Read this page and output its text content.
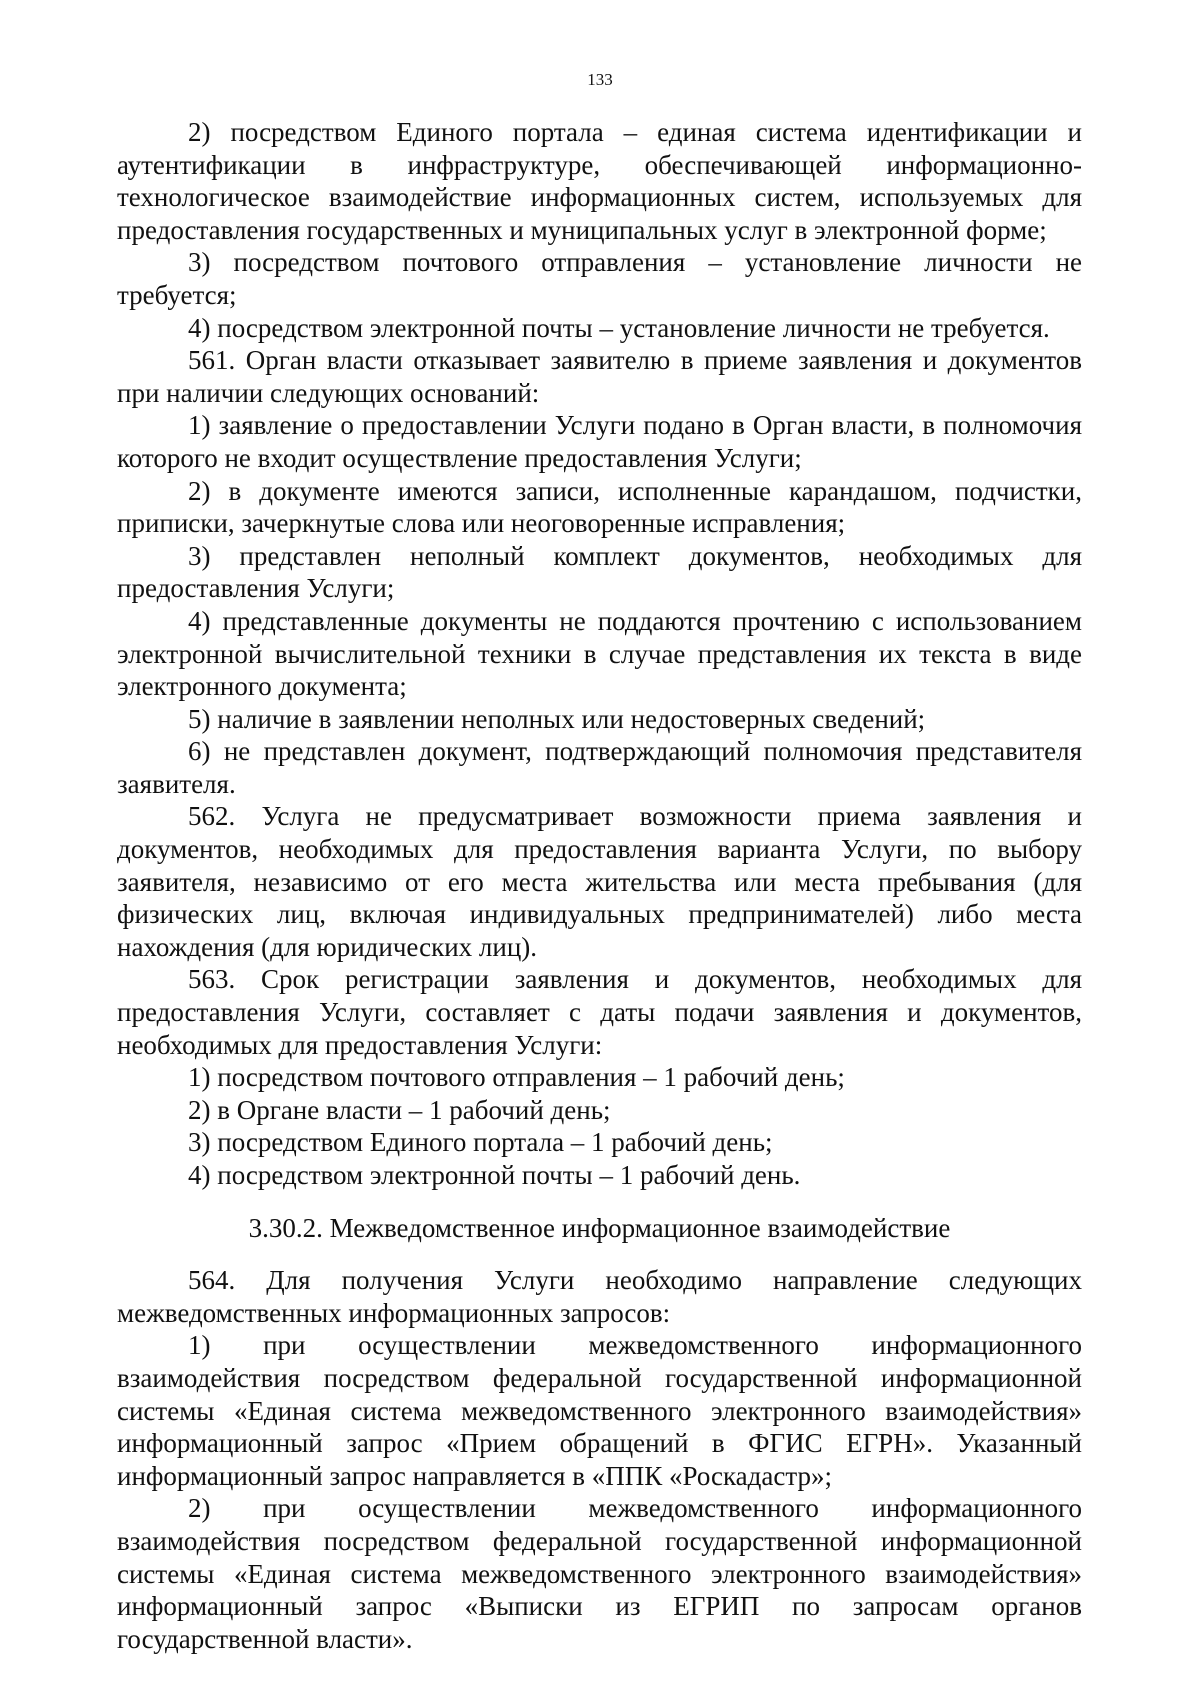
133

2) посредством Единого портала – единая система идентификации и аутентификации в инфраструктуре, обеспечивающей информационно-технологическое взаимодействие информационных систем, используемых для предоставления государственных и муниципальных услуг в электронной форме;

3) посредством почтового отправления – установление личности не требуется;

4) посредством электронной почты – установление личности не требуется.

561. Орган власти отказывает заявителю в приеме заявления и документов при наличии следующих оснований:

1) заявление о предоставлении Услуги подано в Орган власти, в полномочия которого не входит осуществление предоставления Услуги;

2) в документе имеются записи, исполненные карандашом, подчистки, приписки, зачеркнутые слова или неоговоренные исправления;

3) представлен неполный комплект документов, необходимых для предоставления Услуги;

4) представленные документы не поддаются прочтению с использованием электронной вычислительной техники в случае представления их текста в виде электронного документа;

5) наличие в заявлении неполных или недостоверных сведений;

6) не представлен документ, подтверждающий полномочия представителя заявителя.

562. Услуга не предусматривает возможности приема заявления и документов, необходимых для предоставления варианта Услуги, по выбору заявителя, независимо от его места жительства или места пребывания (для физических лиц, включая индивидуальных предпринимателей) либо места нахождения (для юридических лиц).

563. Срок регистрации заявления и документов, необходимых для предоставления Услуги, составляет с даты подачи заявления и документов, необходимых для предоставления Услуги:

1) посредством почтового отправления – 1 рабочий день;

2) в Органе власти – 1 рабочий день;

3) посредством Единого портала – 1 рабочий день;

4) посредством электронной почты – 1 рабочий день.

3.30.2. Межведомственное информационное взаимодействие

564. Для получения Услуги необходимо направление следующих межведомственных информационных запросов:

1) при осуществлении межведомственного информационного взаимодействия посредством федеральной государственной информационной системы «Единая система межведомственного электронного взаимодействия» информационный запрос «Прием обращений в ФГИС ЕГРН». Указанный информационный запрос направляется в «ППК «Роскадастр»;

2) при осуществлении межведомственного информационного взаимодействия посредством федеральной государственной информационной системы «Единая система межведомственного электронного взаимодействия» информационный запрос «Выписки из ЕГРИП по запросам органов государственной власти».
